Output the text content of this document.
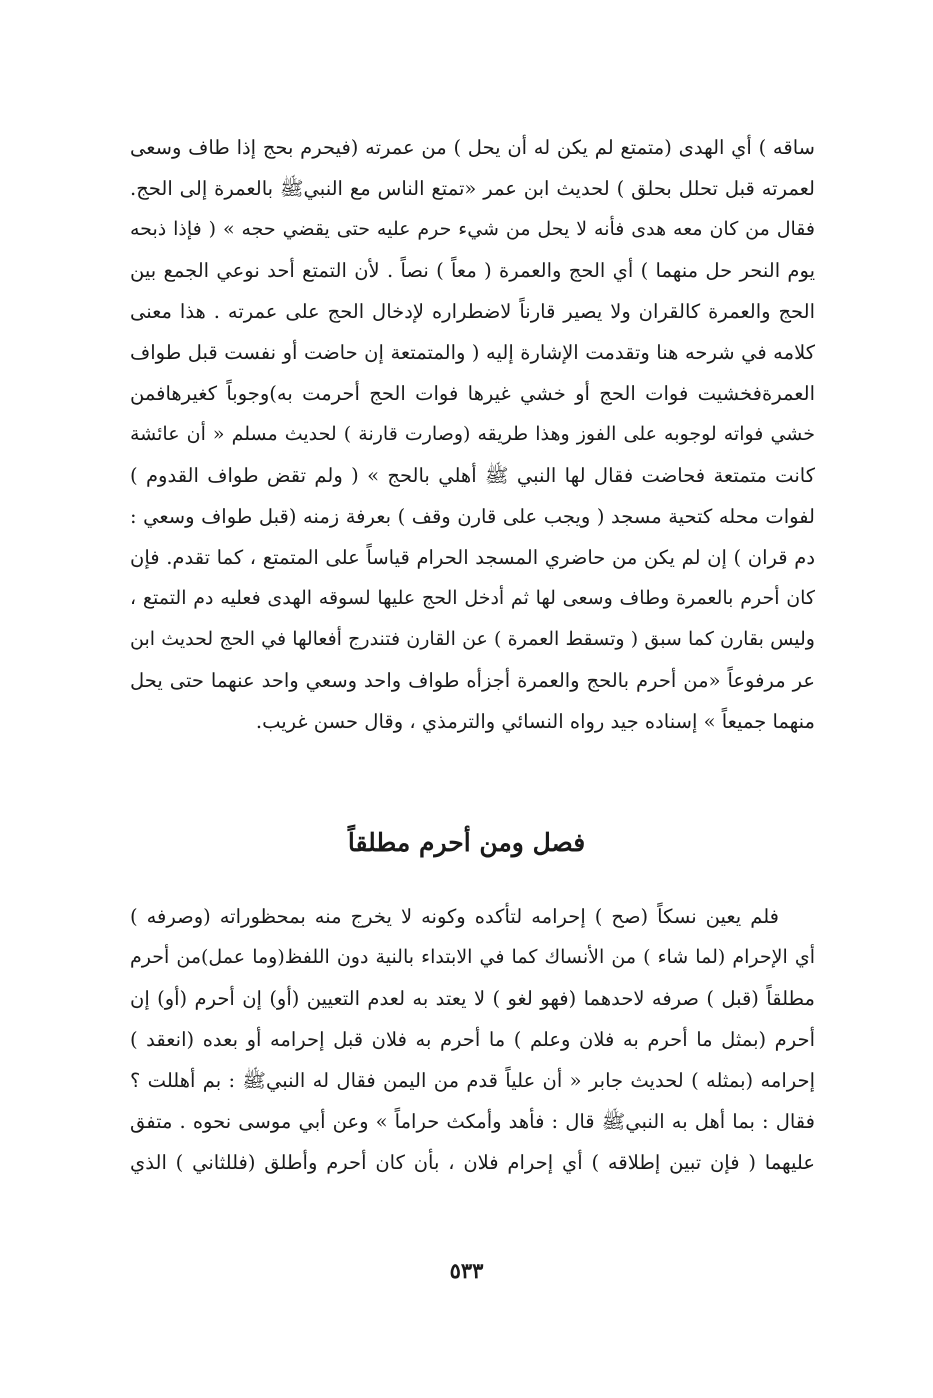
ساقه ) أي الهدى (متمتع لم يكن له أن يحل ) من عمرته (فيحرم بحج إذا طاف وسعى
لعمرته قبل تحلل بحلق ) لحديث ابن عمر «تمتع الناس مع النبيﷺ بالعمرة إلى الحج.
فقال من كان معه هدى فأنه لا يحل من شيء حرم عليه حتى يقضي حجه » ( فإذا ذبحه
يوم النحر حل منهما ) أي الحج والعمرة ( معاً ) نصاً . لأن التمتع أحد نوعي الجمع بين
الحج والعمرة كالقران ولا يصير قارناً لاضطراره لإدخال الحج على عمرته . هذا معنى
كلامه في شرحه هنا وتقدمت الإشارة إليه ( والمتمتعة إن حاضت أو نفست قبل طواف
العمرةفخشيت فوات الحج أو خشي غيرها فوات الحج أحرمت به)وجوباً كغيرهافمن
خشي فواته لوجوبه على الفوز وهذا طريقه (وصارت قارنة ) لحديث مسلم « أن عائشة
كانت متمتعة فحاضت فقال لها النبي ﷺ أهلي بالحج » ( ولم تقض طواف القدوم )
لفوات محله كتحية مسجد ( ويجب على قارن وقف ) بعرفة زمنه (قبل طواف وسعي :
دم قران ) إن لم يكن من حاضري المسجد الحرام قياساً على المتمتع ، كما تقدم. فإن
كان أحرم بالعمرة وطاف وسعى لها ثم أدخل الحج عليها لسوقه الهدى فعليه دم التمتع ،
وليس بقارن كما سبق ( وتسقط العمرة ) عن القارن فتندرج أفعالها في الحج لحديث ابن
عر مرفوعاً «من أحرم بالحج والعمرة أجزأه طواف واحد وسعي واحد عنهما حتى يحل
منهما جميعاً » إسناده جيد رواه النسائي والترمذي ، وقال حسن غريب.
فصل ومن أحرم مطلقاً
فلم يعين نسكاً (صح ) إحرامه لتأكده وكونه لا يخرج منه بمحظوراته (وصرفه )
أي الإحرام (لما شاء ) من الأنساك كما في الابتداء بالنية دون اللفظ(وما عمل)من أحرم
مطلقاً (قبل ) صرفه لاحدهما (فهو لغو ) لا يعتد به لعدم التعيين (أو) إن أحرم (أو) إن
أحرم (بمثل ما أحرم به فلان وعلم ) ما أحرم به فلان قبل إحرامه أو بعده (انعقد )
إحرامه (بمثله ) لحديث جابر « أن علياً قدم من اليمن فقال له النبيﷺ : بم أهللت ؟
فقال : بما أهل به النبيﷺ قال : فأهد وأمكث حراماً » وعن أبي موسى نحوه . متفق
عليهما ( فإن تبين إطلاقه ) أي إحرام فلان ، بأن كان أحرم وأطلق (فللثاني ) الذي
٥٣٣
